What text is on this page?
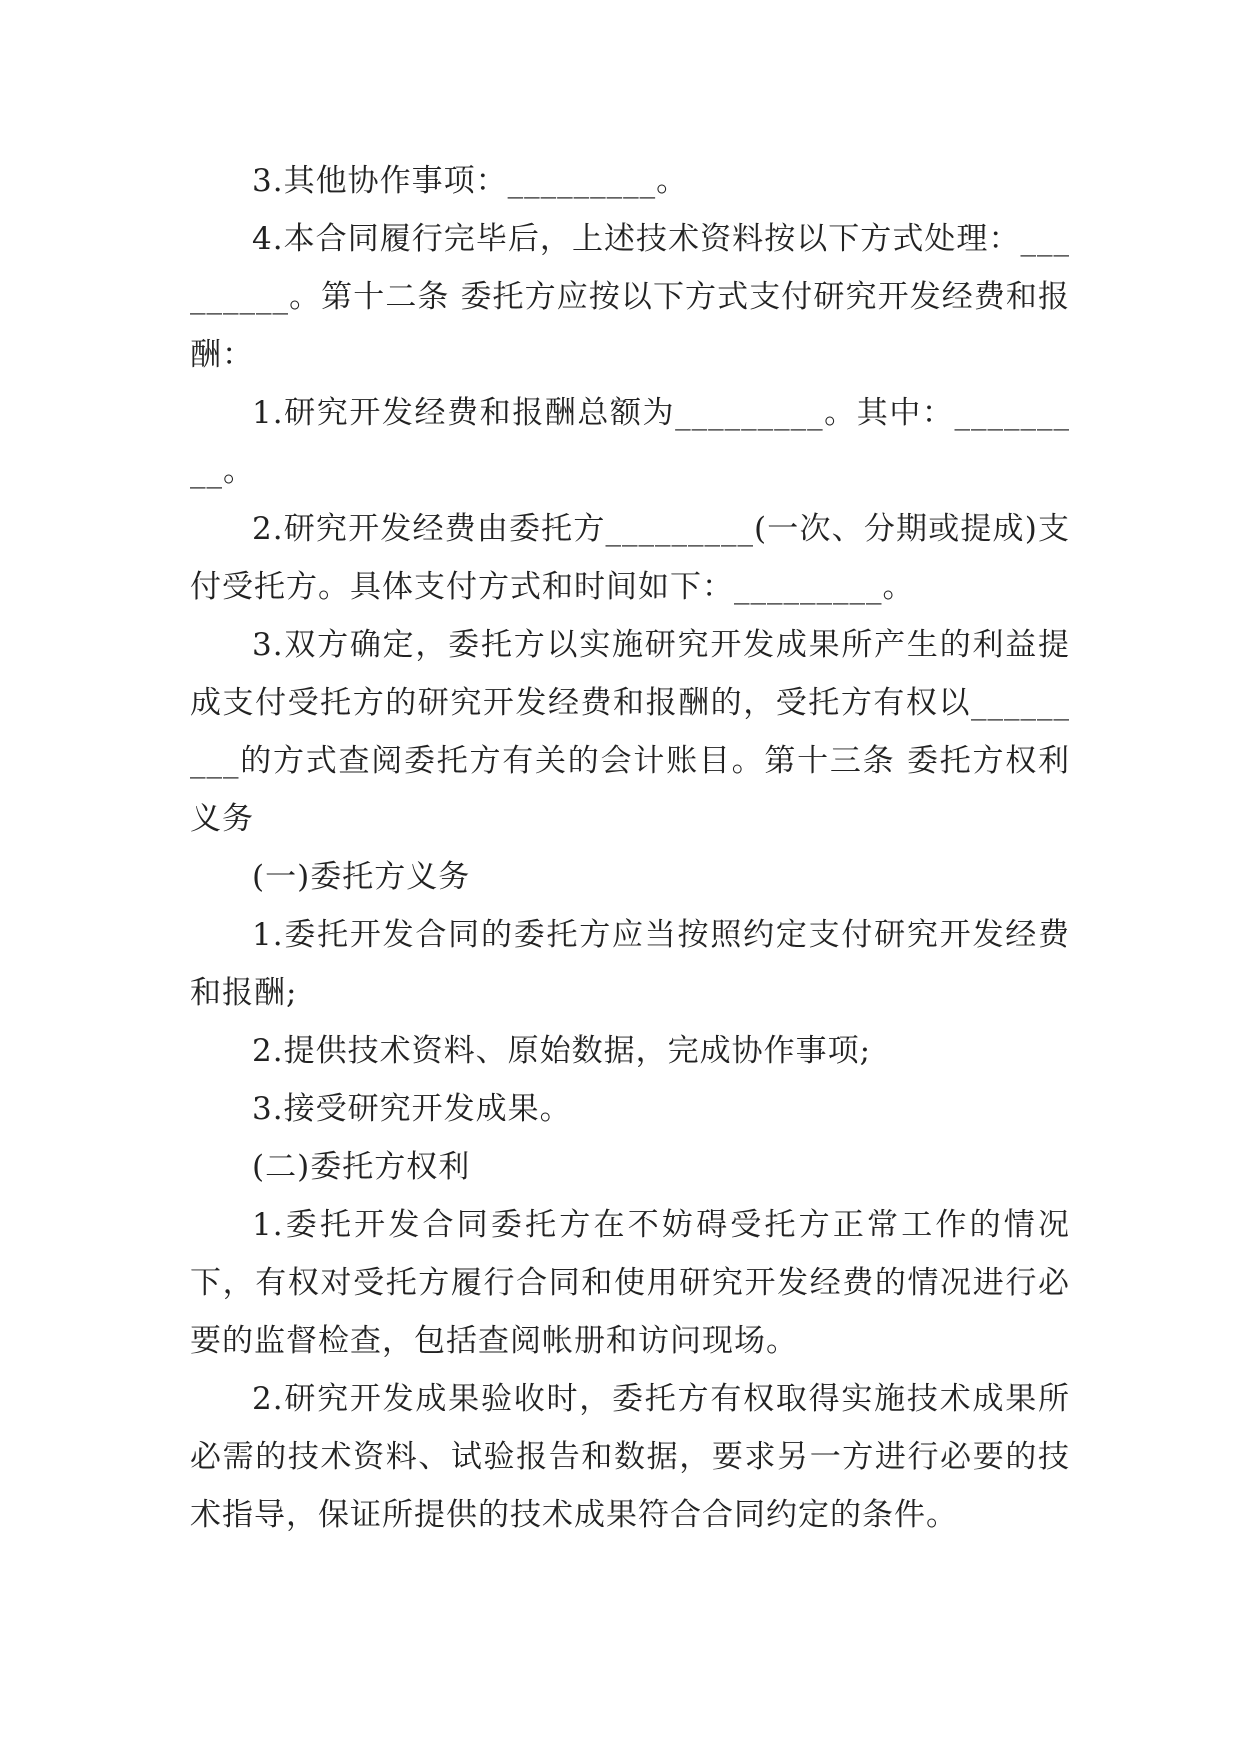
3.其他协作事项：_________。

4.本合同履行完毕后，上述技术资料按以下方式处理：_________。第十二条 委托方应按以下方式支付研究开发经费和报酬：

1.研究开发经费和报酬总额为_________。其中：_________。

2.研究开发经费由委托方_________(一次、分期或提成)支付受托方。具体支付方式和时间如下：_________。

3.双方确定，委托方以实施研究开发成果所产生的利益提成支付受托方的研究开发经费和报酬的，受托方有权以_________的方式查阅委托方有关的会计账目。第十三条 委托方权利义务

(一)委托方义务

1.委托开发合同的委托方应当按照约定支付研究开发经费和报酬;

2.提供技术资料、原始数据，完成协作事项;

3.接受研究开发成果。

(二)委托方权利

1.委托开发合同委托方在不妨碍受托方正常工作的情况下，有权对受托方履行合同和使用研究开发经费的情况进行必要的监督检查，包括查阅帐册和访问现场。

2.研究开发成果验收时，委托方有权取得实施技术成果所必需的技术资料、试验报告和数据，要求另一方进行必要的技术指导，保证所提供的技术成果符合合同约定的条件。
